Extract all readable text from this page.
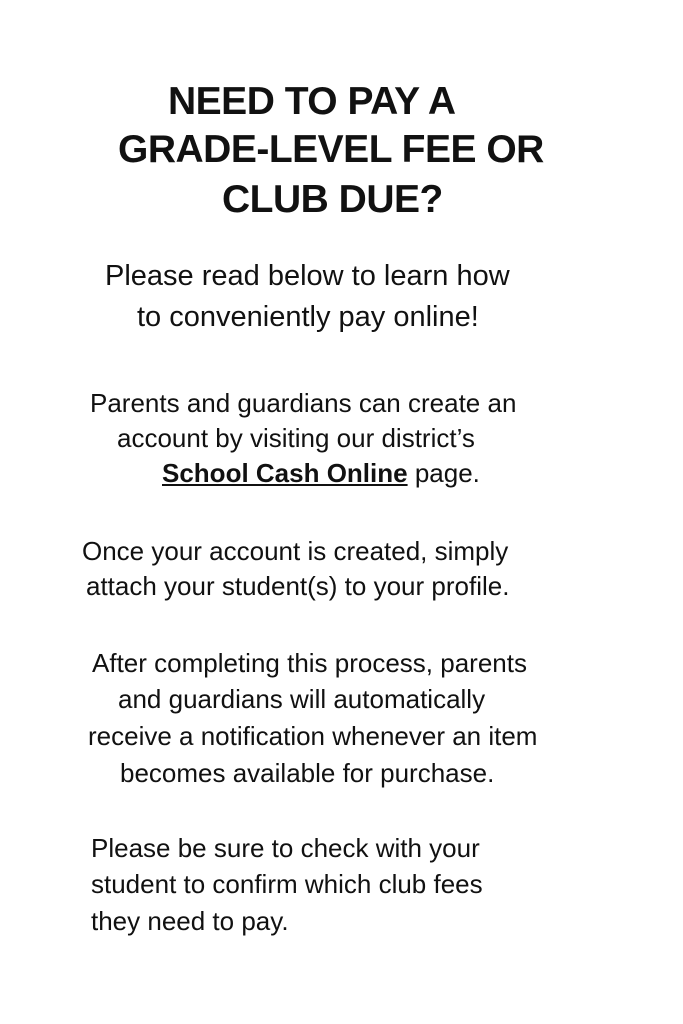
NEED TO PAY A
GRADE-LEVEL FEE OR
CLUB DUE?
Please read below to learn how
to conveniently pay online!
Parents and guardians can create an
account by visiting our district’s
School Cash Online page.
Once your account is created, simply
attach your student(s) to your profile.
After completing this process, parents
and guardians will automatically
receive a notification whenever an item
becomes available for purchase.
Please be sure to check with your
student to confirm which club fees
they need to pay.
